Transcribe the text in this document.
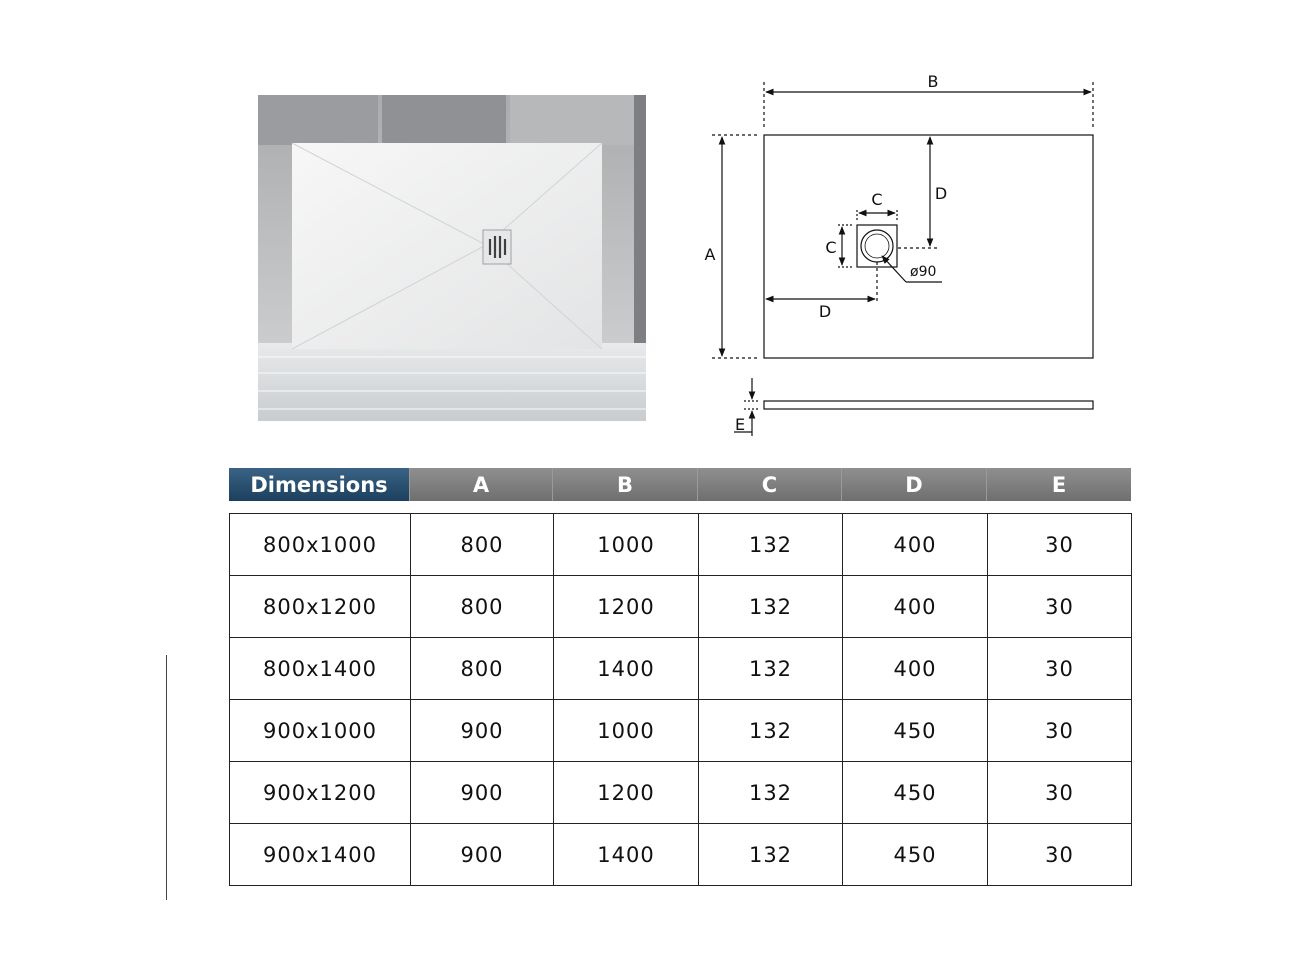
B
A
D
C
C
D
ø90
E
Dimensions	A	B	C	D	E
800x1000	800	1000	132	400	30
800x1200	800	1200	132	400	30
800x1400	800	1400	132	400	30
900x1000	900	1000	132	450	30
900x1200	900	1200	132	450	30
900x1400	900	1400	132	450	30
